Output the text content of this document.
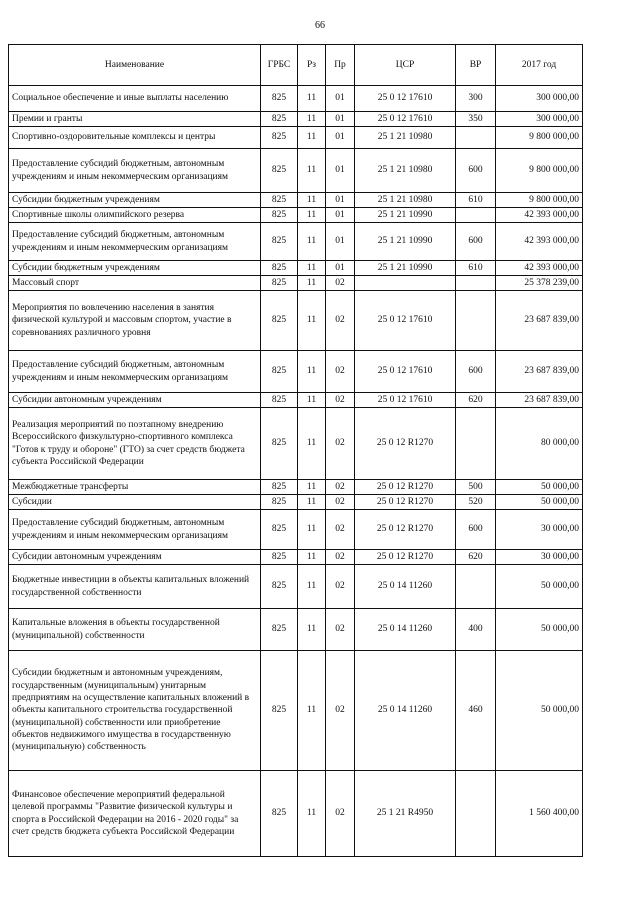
66
Наименование	ГРБС	Рз	Пр	ЦСР	ВР	2017 год
Социальное обеспечение и иные выплаты населению	825	11	01	25 0 12 17610	300	300 000,00
Премии и гранты	825	11	01	25 0 12 17610	350	300 000,00
Спортивно-оздоровительные комплексы и центры	825	11	01	25 1 21 10980		9 800 000,00
Предоставление субсидий бюджетным, автономным учреждениям и иным некоммерческим организациям	825	11	01	25 1 21 10980	600	9 800 000,00
Субсидии бюджетным учреждениям	825	11	01	25 1 21 10980	610	9 800 000,00
Спортивные школы олимпийского резерва	825	11	01	25 1 21 10990		42 393 000,00
Предоставление субсидий бюджетным, автономным учреждениям и иным некоммерческим организациям	825	11	01	25 1 21 10990	600	42 393 000,00
Субсидии бюджетным учреждениям	825	11	01	25 1 21 10990	610	42 393 000,00
Массовый спорт	825	11	02			25 378 239,00
Мероприятия по вовлечению населения в занятия физической культурой и массовым спортом, участие в соревнованиях различного уровня	825	11	02	25 0 12 17610		23 687 839,00
Предоставление субсидий бюджетным, автономным учреждениям и иным некоммерческим организациям	825	11	02	25 0 12 17610	600	23 687 839,00
Субсидии автономным учреждениям	825	11	02	25 0 12 17610	620	23 687 839,00
Реализация мероприятий по поэтапному внедрению Всероссийского физкультурно-спортивного комплекса "Готов к труду и обороне" (ГТО) за счет средств бюджета субъекта Российской Федерации	825	11	02	25 0 12 R1270		80 000,00
Межбюджетные трансферты	825	11	02	25 0 12 R1270	500	50 000,00
Субсидии	825	11	02	25 0 12 R1270	520	50 000,00
Предоставление субсидий бюджетным, автономным учреждениям и иным некоммерческим организациям	825	11	02	25 0 12 R1270	600	30 000,00
Субсидии автономным учреждениям	825	11	02	25 0 12 R1270	620	30 000,00
Бюджетные инвестиции в объекты капитальных вложений государственной собственности	825	11	02	25 0 14 11260		50 000,00
Капитальные вложения в объекты государственной (муниципальной) собственности	825	11	02	25 0 14 11260	400	50 000,00
Субсидии бюджетным и автономным учреждениям, государственным (муниципальным) унитарным предприятиям на осуществление капитальных вложений в объекты капитального строительства государственной (муниципальной) собственности или приобретение объектов недвижимого имущества в государственную (муниципальную) собственность	825	11	02	25 0 14 11260	460	50 000,00
Финансовое обеспечение мероприятий федеральной целевой программы "Развитие физической культуры и спорта в Российской Федерации на 2016 - 2020 годы" за счет средств бюджета субъекта Российской Федерации	825	11	02	25 1 21 R4950		1 560 400,00
